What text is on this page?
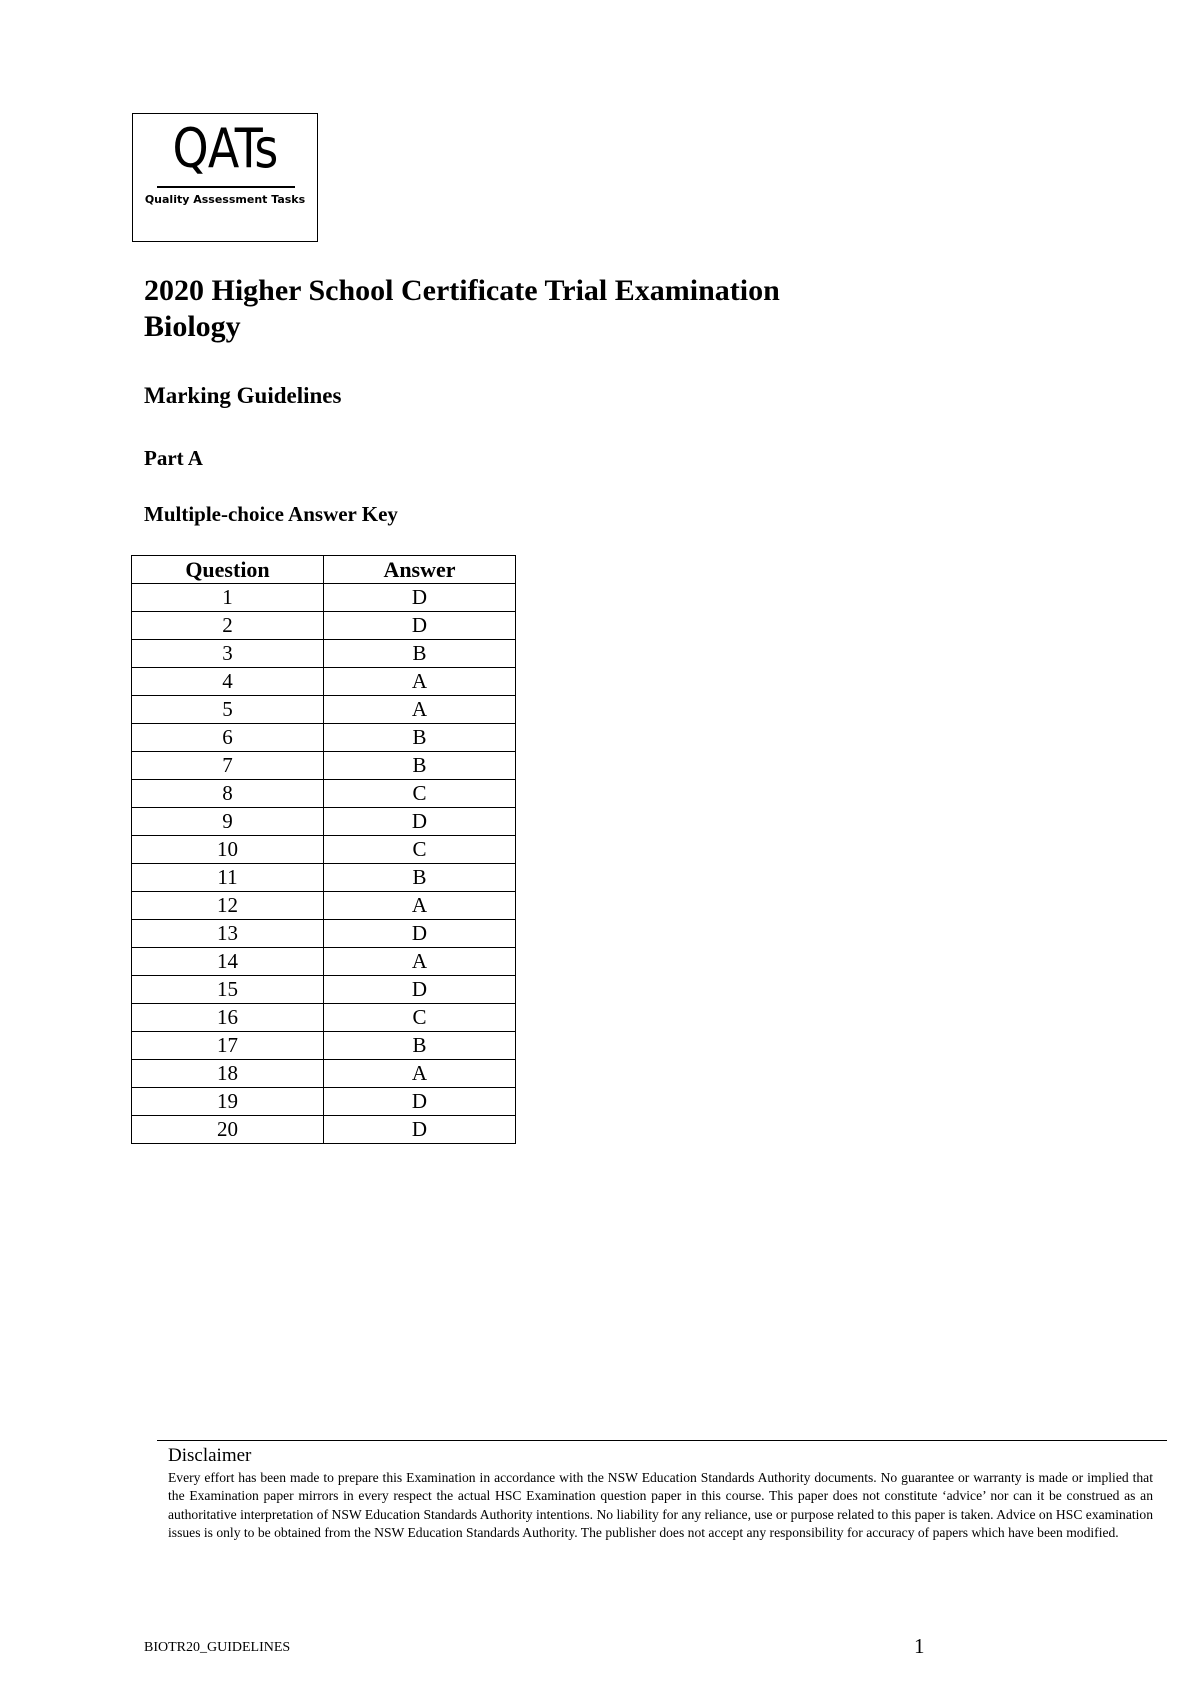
QATs
Quality Assessment Tasks
2020 Higher School Certificate Trial Examination
Biology
Marking Guidelines
Part A
Multiple-choice Answer Key
Question	Answer
1	D
2	D
3	B
4	A
5	A
6	B
7	B
8	C
9	D
10	C
11	B
12	A
13	D
14	A
15	D
16	C
17	B
18	A
19	D
20	D
Disclaimer
Every effort has been made to prepare this Examination in accordance with the NSW Education Standards Authority documents. No guarantee or warranty is made or implied that the Examination paper mirrors in every respect the actual HSC Examination question paper in this course. This paper does not constitute ‘advice’ nor can it be construed as an authoritative interpretation of NSW Education Standards Authority intentions. No liability for any reliance, use or purpose related to this paper is taken. Advice on HSC examination issues is only to be obtained from the NSW Education Standards Authority. The publisher does not accept any responsibility for accuracy of papers which have been modified.
BIOTR20_GUIDELINES	1
